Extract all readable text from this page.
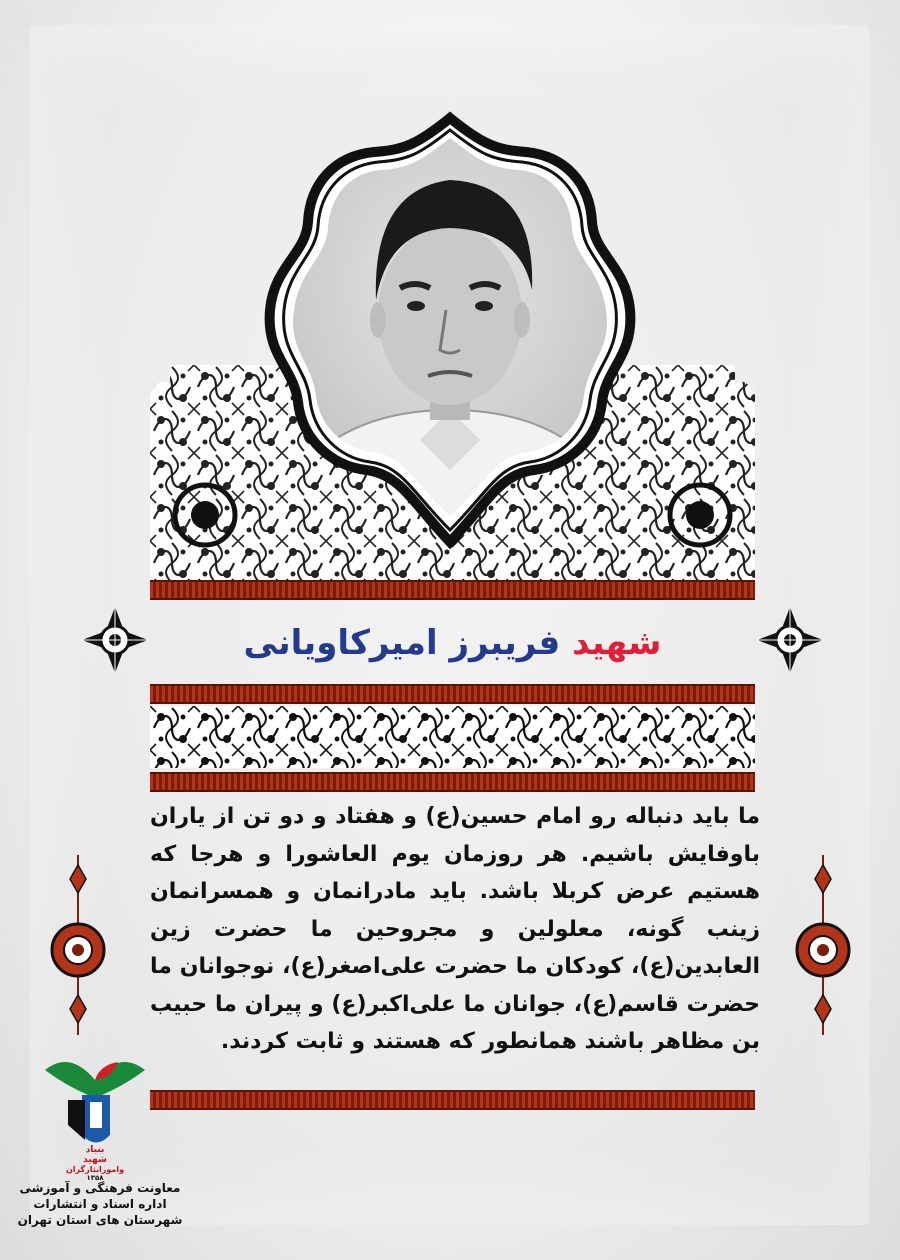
شهید فریبرز امیرکاویانی
ما باید دنباله رو امام حسین(ع) و هفتاد و دو تن از یاران باوفایش باشیم. هر روزمان یوم العاشورا و هرجا که هستیم عرض کربلا باشد. باید مادرانمان و همسرانمان زینب گونه، معلولین و مجروحین ما حضرت زین العابدین(ع)، کودکان ما حضرت علی‌اصغر(ع)، نوجوانان ما حضرت قاسم(ع)، جوانان ما علی‌اکبر(ع) و پیران ما حبیب بن مظاهر باشند همانطور که هستند و ثابت کردند.
بنیاد
شهید
وامورایثارگران
۱۳۵۸
معاونت فرهنگی و آموزشی
اداره اسناد و انتشارات
شهرستان های استان تهران
